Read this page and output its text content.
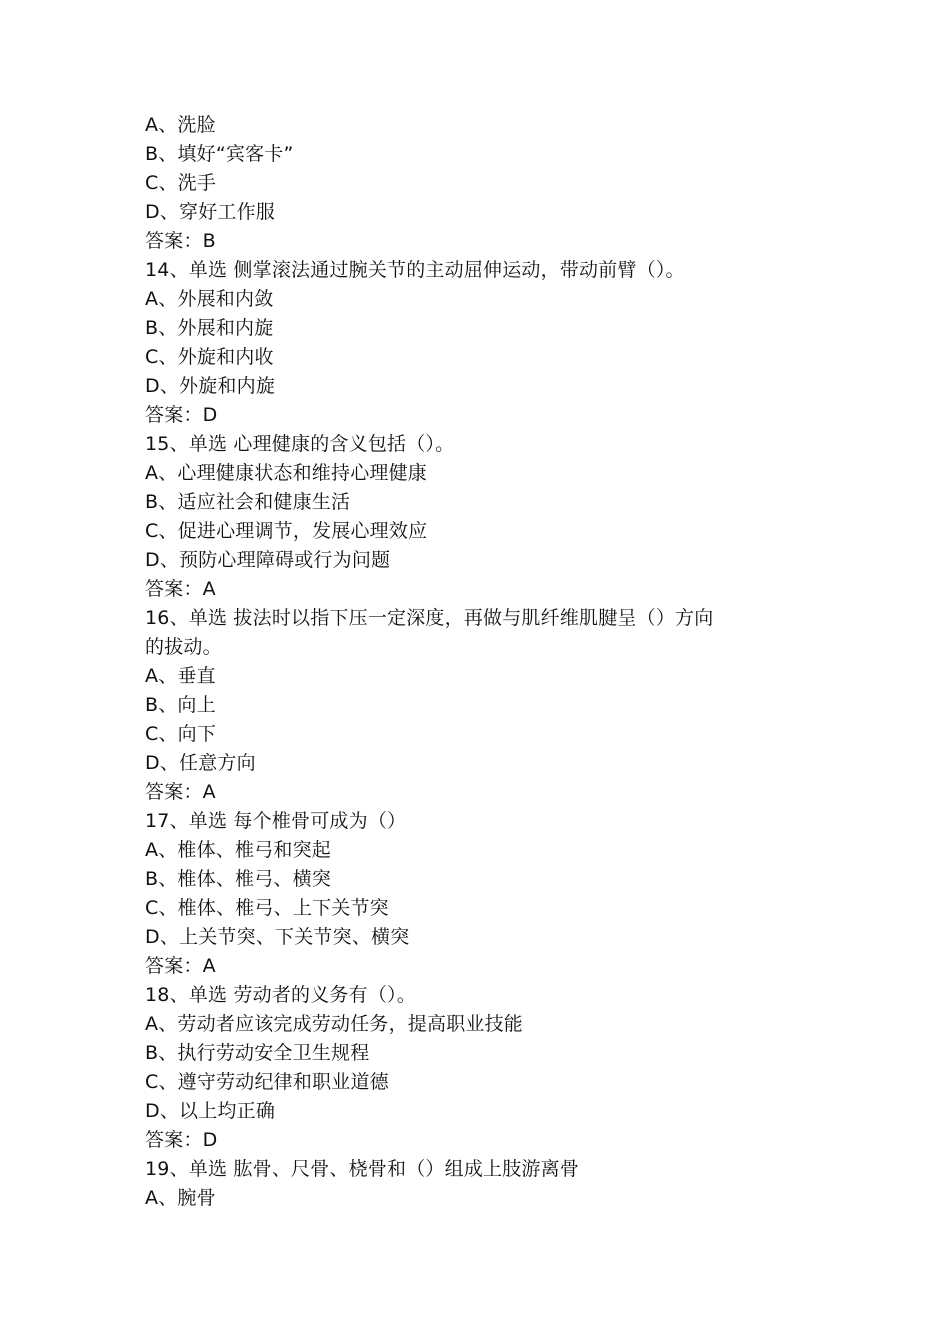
A、洗脸
B、填好“宾客卡”
C、洗手
D、穿好工作服
答案：B
14、单选 侧掌滚法通过腕关节的主动屈伸运动，带动前臂（）。
A、外展和内敛
B、外展和内旋
C、外旋和内收
D、外旋和内旋
答案：D
15、单选 心理健康的含义包括（）。
A、心理健康状态和维持心理健康
B、适应社会和健康生活
C、促进心理调节，发展心理效应
D、预防心理障碍或行为问题
答案：A
16、单选 拔法时以指下压一定深度，再做与肌纤维肌腱呈（）方向
的拔动。
A、垂直
B、向上
C、向下
D、任意方向
答案：A
17、单选 每个椎骨可成为（）
A、椎体、椎弓和突起
B、椎体、椎弓、横突
C、椎体、椎弓、上下关节突
D、上关节突、下关节突、横突
答案：A
18、单选 劳动者的义务有（）。
A、劳动者应该完成劳动任务，提高职业技能
B、执行劳动安全卫生规程
C、遵守劳动纪律和职业道德
D、以上均正确
答案：D
19、单选 肱骨、尺骨、桡骨和（）组成上肢游离骨
A、腕骨
